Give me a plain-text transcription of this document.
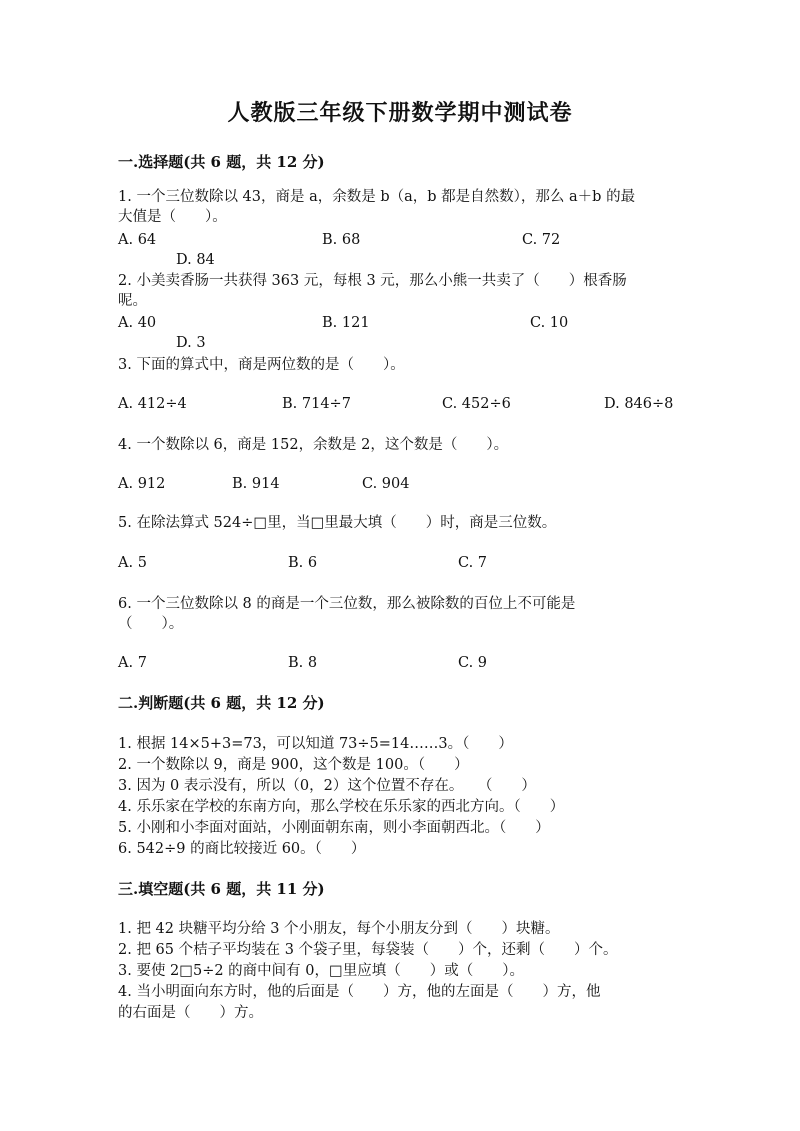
人教版三年级下册数学期中测试卷
一.选择题(共 6 题，共 12 分)
1. 一个三位数除以 43，商是 a，余数是 b（a，b 都是自然数），那么 a＋b 的最
大值是（　　）。
A. 64	B. 68	C. 72
D. 84
2. 小美卖香肠一共获得 363 元，每根 3 元，那么小熊一共卖了（　　）根香肠
呢。
A. 40	B. 121	C. 10
D. 3
3. 下面的算式中，商是两位数的是（　　）。
A. 412÷4	B. 714÷7	C. 452÷6	D. 846÷8
4. 一个数除以 6，商是 152，余数是 2，这个数是（　　）。
A. 912	B. 914	C. 904
5. 在除法算式 524÷□里，当□里最大填（　　）时，商是三位数。
A. 5	B. 6	C. 7
6. 一个三位数除以 8 的商是一个三位数，那么被除数的百位上不可能是
（　　）。
A. 7	B. 8	C. 9
二.判断题(共 6 题，共 12 分)
1. 根据 14×5+3=73，可以知道 73÷5=14……3。（　　）
2. 一个数除以 9，商是 900，这个数是 100。（　　）
3. 因为 0 表示没有，所以（0，2）这个位置不存在。　　（　　）
4. 乐乐家在学校的东南方向，那么学校在乐乐家的西北方向。（　　）
5. 小刚和小李面对面站，小刚面朝东南，则小李面朝西北。（　　）
6. 542÷9 的商比较接近 60。（　　）
三.填空题(共 6 题，共 11 分)
1. 把 42 块糖平均分给 3 个小朋友，每个小朋友分到（　　）块糖。
2. 把 65 个桔子平均装在 3 个袋子里，每袋装（　　）个，还剩（　　）个。
3. 要使 2□5÷2 的商中间有 0，□里应填（　　）或（　　）。
4. 当小明面向东方时，他的后面是（　　）方，他的左面是（　　）方，他
的右面是（　　）方。
